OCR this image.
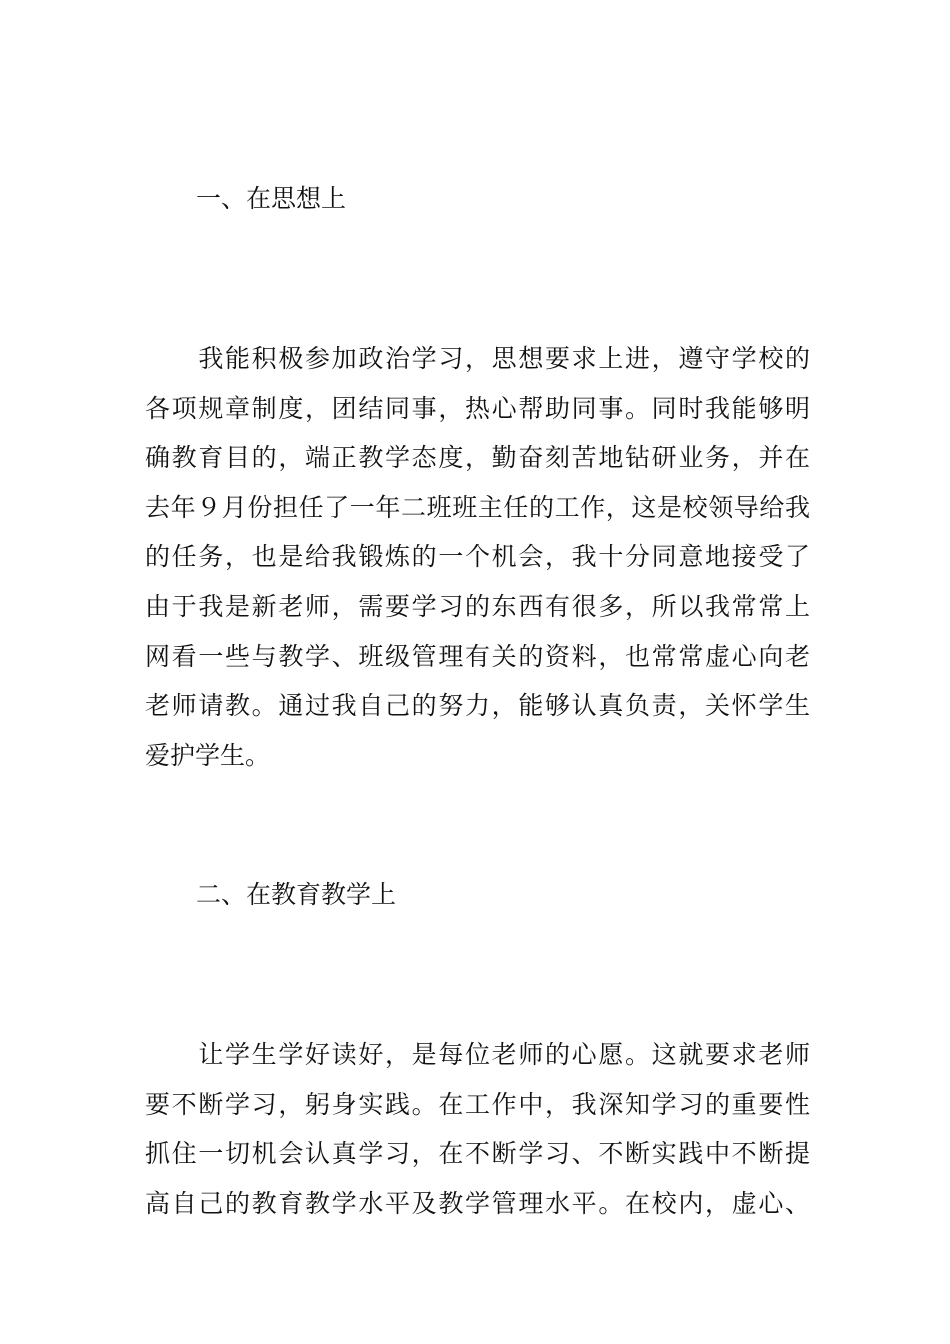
一、在思想上
　　我能积极参加政治学习，思想要求上进，遵守学校的
各项规章制度，团结同事，热心帮助同事。同时我能够明
确教育目的，端正教学态度，勤奋刻苦地钻研业务，并在
去年９月份担任了一年二班班主任的工作，这是校领导给我
的任务，也是给我锻炼的一个机会，我十分同意地接受了
由于我是新老师，需要学习的东西有很多，所以我常常上
网看一些与教学、班级管理有关的资料，也常常虚心向老
老师请教。通过我自己的努力，能够认真负责，关怀学生
爱护学生。
二、在教育教学上
　　让学生学好读好，是每位老师的心愿。这就要求老师
要不断学习，躬身实践。在工作中，我深知学习的重要性
抓住一切机会认真学习，在不断学习、不断实践中不断提
高自己的教育教学水平及教学管理水平。在校内，虚心、
